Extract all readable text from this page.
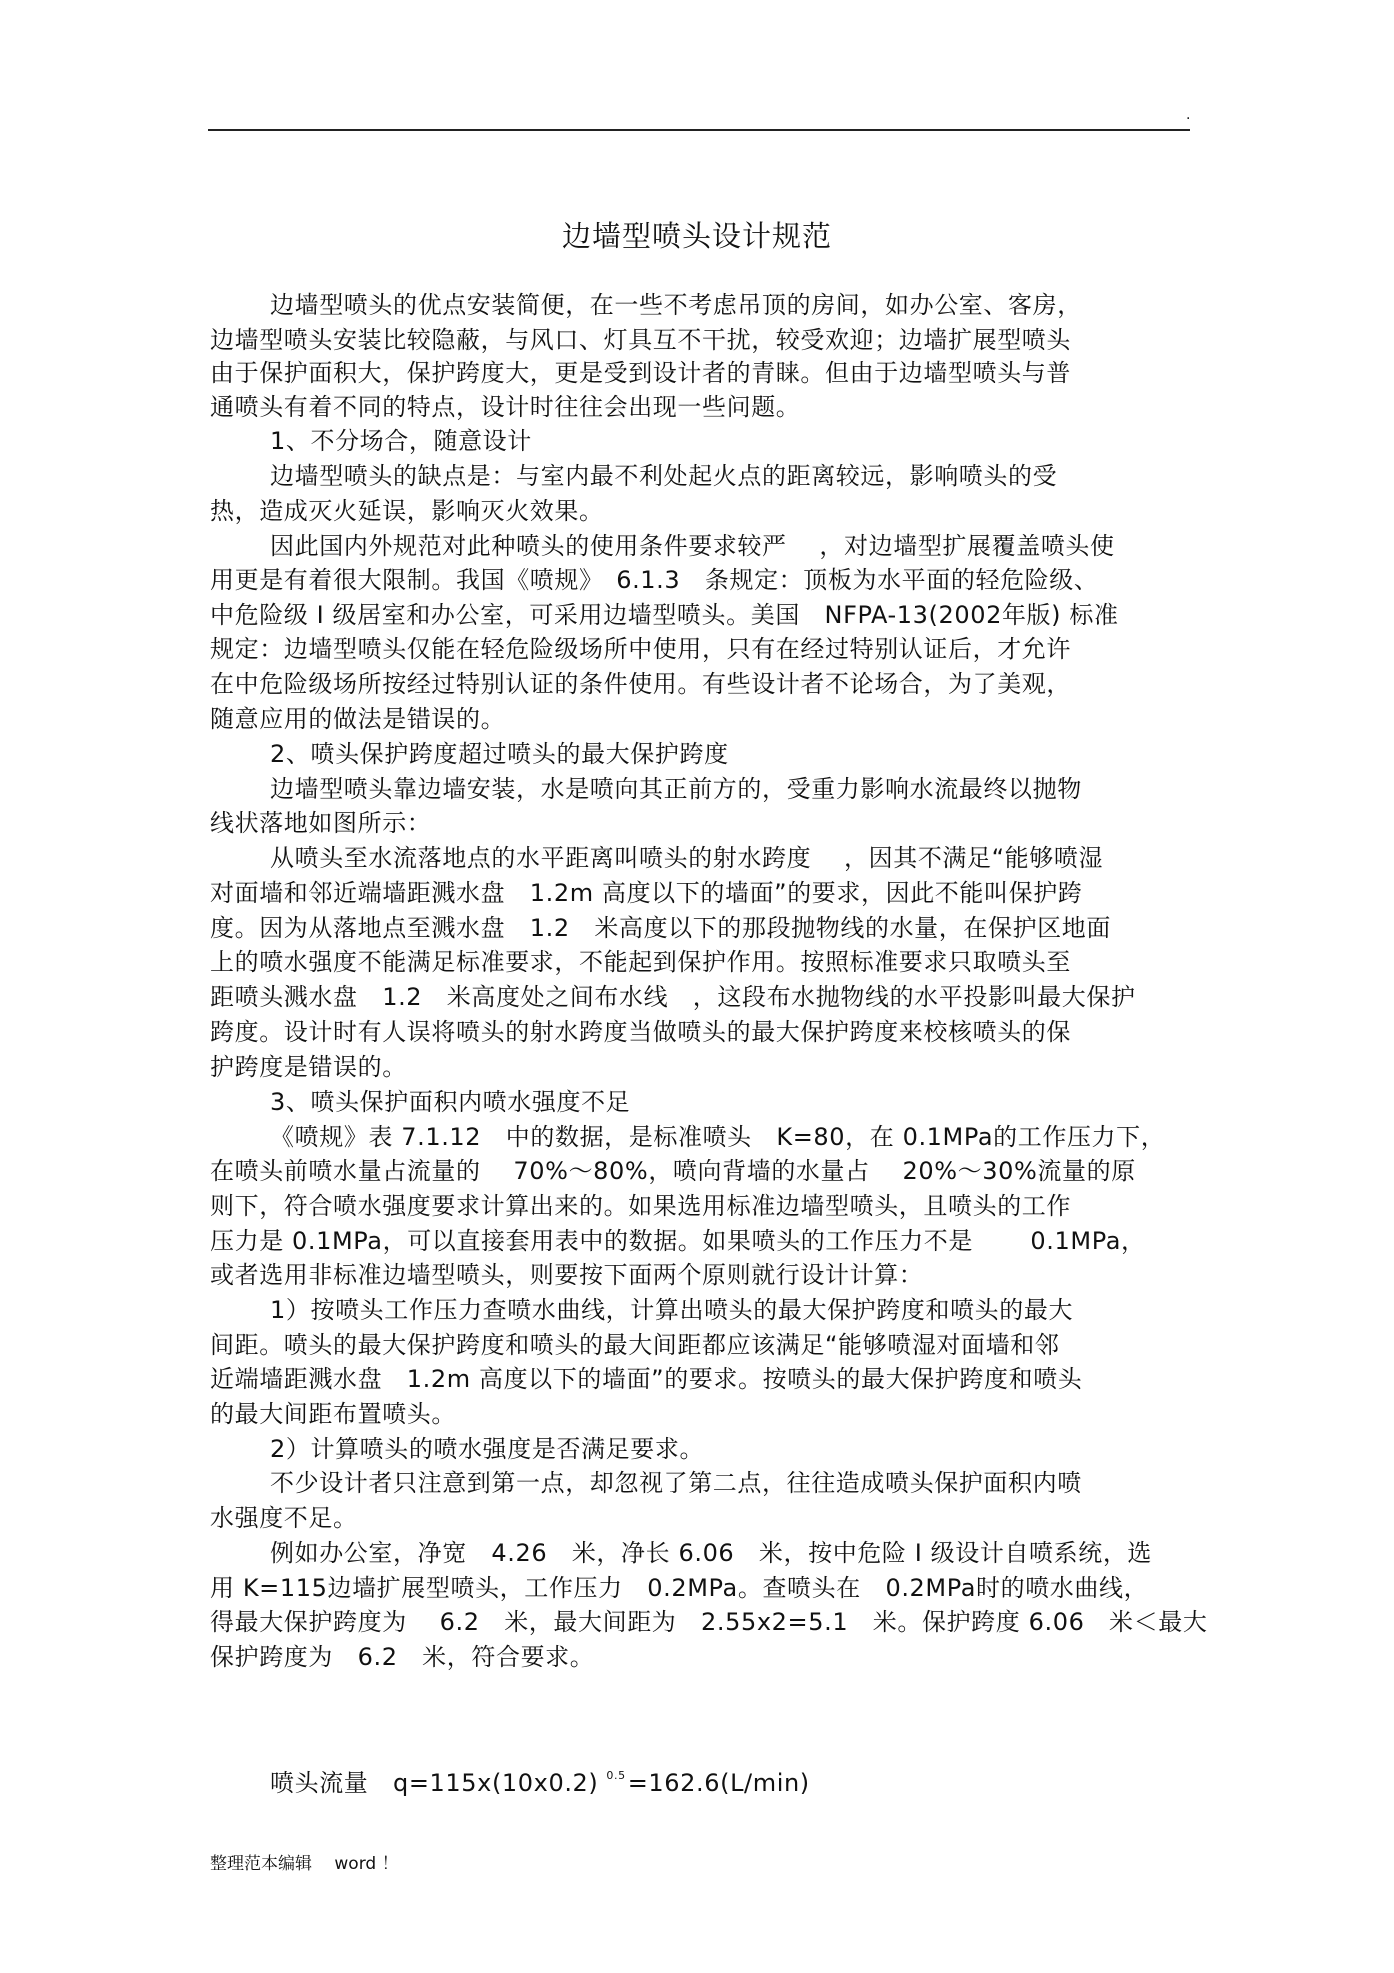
.
边墙型喷头设计规范
边墙型喷头的优点安装简便，在一些不考虑吊顶的房间，如办公室、客房，
边墙型喷头安装比较隐蔽，与风口、灯具互不干扰，较受欢迎；边墙扩展型喷头
由于保护面积大，保护跨度大，更是受到设计者的青睐。但由于边墙型喷头与普
通喷头有着不同的特点，设计时往往会出现一些问题。
1、不分场合，随意设计
边墙型喷头的缺点是：与室内最不利处起火点的距离较远，影响喷头的受
热，造成灭火延误，影响灭火效果。
因此国内外规范对此种喷头的使用条件要求较严　 ，对边墙型扩展覆盖喷头使
用更是有着很大限制。我国《喷规》　6.1.3　条规定：顶板为水平面的轻危险级、
中危险级 Ⅰ 级居室和办公室，可采用边墙型喷头。美国　NFPA-13(2002年版) 标准
规定：边墙型喷头仅能在轻危险级场所中使用，只有在经过特别认证后，才允许
在中危险级场所按经过特别认证的条件使用。有些设计者不论场合，为了美观，
随意应用的做法是错误的。
2、喷头保护跨度超过喷头的最大保护跨度
边墙型喷头靠边墙安装，水是喷向其正前方的，受重力影响水流最终以抛物
线状落地如图所示：
从喷头至水流落地点的水平距离叫喷头的射水跨度　 ，因其不满足“能够喷湿
对面墙和邻近端墙距溅水盘　1.2m 高度以下的墙面”的要求，因此不能叫保护跨
度。因为从落地点至溅水盘　1.2　米高度以下的那段抛物线的水量，在保护区地面
上的喷水强度不能满足标准要求，不能起到保护作用。按照标准要求只取喷头至
距喷头溅水盘　1.2　米高度处之间布水线　，这段布水抛物线的水平投影叫最大保护
跨度。设计时有人误将喷头的射水跨度当做喷头的最大保护跨度来校核喷头的保
护跨度是错误的。
3、喷头保护面积内喷水强度不足
《喷规》表 7.1.12　中的数据，是标准喷头　K=80，在 0.1MPa的工作压力下，
在喷头前喷水量占流量的　 70%～80%，喷向背墙的水量占　 20%～30%流量的原
则下，符合喷水强度要求计算出来的。如果选用标准边墙型喷头，且喷头的工作
压力是 0.1MPa，可以直接套用表中的数据。如果喷头的工作压力不是　　 0.1MPa，
或者选用非标准边墙型喷头，则要按下面两个原则就行设计计算：
1）按喷头工作压力查喷水曲线，计算出喷头的最大保护跨度和喷头的最大
间距。喷头的最大保护跨度和喷头的最大间距都应该满足“能够喷湿对面墙和邻
近端墙距溅水盘　1.2m 高度以下的墙面”的要求。按喷头的最大保护跨度和喷头
的最大间距布置喷头。
2）计算喷头的喷水强度是否满足要求。
不少设计者只注意到第一点，却忽视了第二点，往往造成喷头保护面积内喷
水强度不足。
例如办公室，净宽　4.26　米，净长 6.06　米，按中危险 Ⅰ 级设计自喷系统，选
用 K=115边墙扩展型喷头，工作压力　0.2MPa。查喷头在　0.2MPa时的喷水曲线，
得最大保护跨度为　 6.2　米，最大间距为　2.55x2=5.1　米。保护跨度 6.06　米＜最大
保护跨度为　6.2　米，符合要求。
喷头流量　q=115x(10x0.2) $^{0.5}$=162.6(L/min)
整理范本编辑　 word ！
